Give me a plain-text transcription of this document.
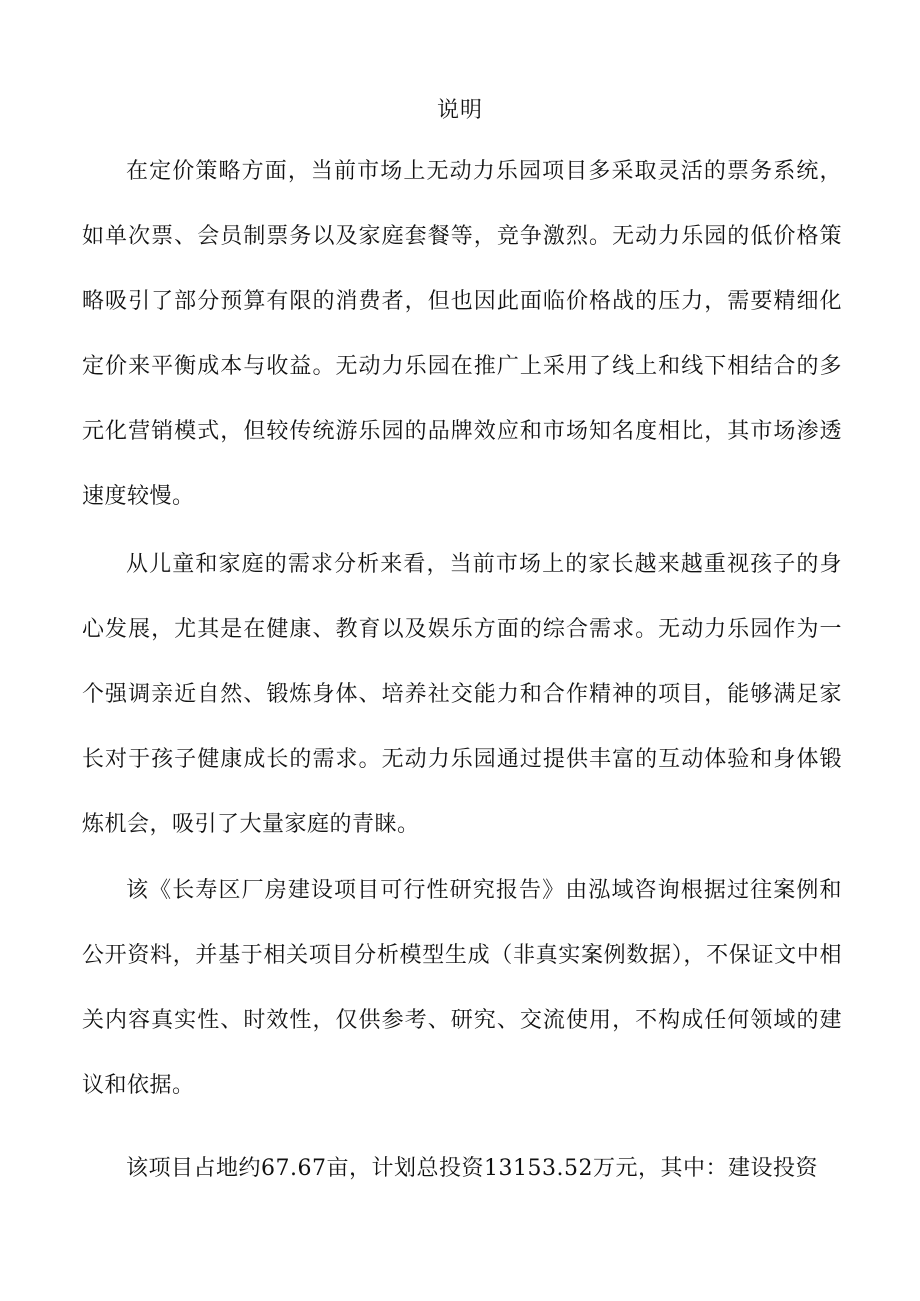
说明

在定价策略方面，当前市场上无动力乐园项目多采取灵活的票务系统，如单次票、会员制票务以及家庭套餐等，竞争激烈。无动力乐园的低价格策略吸引了部分预算有限的消费者，但也因此面临价格战的压力，需要精细化定价来平衡成本与收益。无动力乐园在推广上采用了线上和线下相结合的多元化营销模式，但较传统游乐园的品牌效应和市场知名度相比，其市场渗透速度较慢。

从儿童和家庭的需求分析来看，当前市场上的家长越来越重视孩子的身心发展，尤其是在健康、教育以及娱乐方面的综合需求。无动力乐园作为一个强调亲近自然、锻炼身体、培养社交能力和合作精神的项目，能够满足家长对于孩子健康成长的需求。无动力乐园通过提供丰富的互动体验和身体锻炼机会，吸引了大量家庭的青睐。

该《长寿区厂房建设项目可行性研究报告》由泓域咨询根据过往案例和公开资料，并基于相关项目分析模型生成（非真实案例数据），不保证文中相关内容真实性、时效性，仅供参考、研究、交流使用，不构成任何领域的建议和依据。

该项目占地约67.67亩，计划总投资13153.52万元，其中：建设投资
